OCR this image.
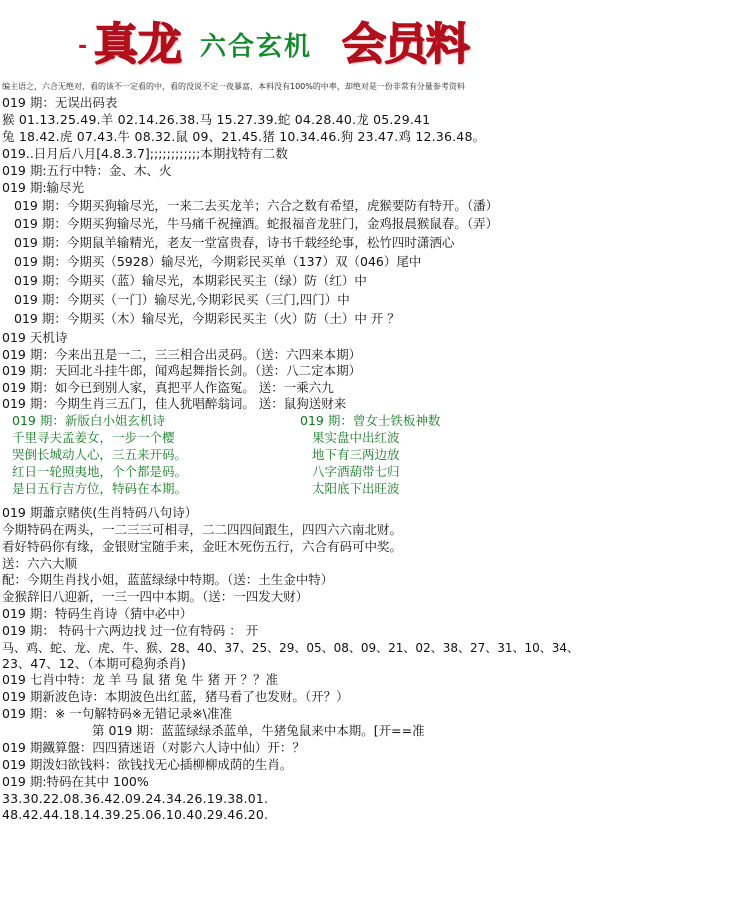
- 真龙 六合玄机 会员料
编主语之，六合无绝对，看的该不一定看的中，看的没说不定一夜暴富，本料没有100%的中率，却绝对是一份非常有分量参考资料
019 期：无误出码表
猴 01.13.25.49.羊 02.14.26.38.马 15.27.39.蛇 04.28.40.龙 05.29.41
兔 18.42.虎 07.43.牛 08.32.鼠 09、21.45.猪 10.34.46.狗 23.47.鸡 12.36.48。
019..日月后八月[4.8.3.7];;;;;;;;;;;;本期找特有二数
019 期:五行中特：金、木、火
019 期:输尽光
019 期：今期买狗输尽光，一来二去买龙羊；六合之数有希望，虎猴要防有特开。（潘）
019 期：今期买狗输尽光，牛马痛千祝撞酒。蛇报福音龙驻门，金鸡报晨猴鼠春。（弄）
019 期：今期鼠羊输精光，老友一堂富贵春，诗书千载经纶事，松竹四时潇洒心
019 期：今期买（5928）输尽光，今期彩民买单（137）双（046）尾中
019 期：今期买（蓝）输尽光，本期彩民买主（绿）防（红）中
019 期：今期买（一门）输尽光,今期彩民买（三门,四门）中
019 期：今期买（木）输尽光，今期彩民买主（火）防（土）中 开 ？
019 天机诗
019 期：今来出丑是一二，三三相合出灵码。（送：六四来本期）
019 期：天回北斗挂牛郎，闻鸡起舞指长剑。（送：八二定本期）
019 期：如今已到别人家，真把平人作盗冤。 送：一乘六九
019 期：今期生肖三五门，佳人犹唱醉翁词。 送：鼠狗送财来
019 期：新版白小姐玄机诗
千里寻夫孟姜女，一步一个樱
哭倒长城动人心，三五来开码。
红日一轮照夷地，个个都是码。
是日五行吉方位，特码在本期。
019 期：曾女士铁板神数
果实盘中出红波
地下有三两边放
八字酒葫带七归
太阳底下出旺波
019 期蕭京赌侠(生肖特码八句诗）
今期特码在两头，一二三三可相寻，二二四四间跟生，四四六六南北财。
看好特码你有缘，金银财宝随手来，金旺木死伤五行，六合有码可中奖。
送：六六大顺
配：今期生肖找小姐，蓝蓝绿绿中特期。（送：土生金中特）
金猴辞旧八迎新，一三一四中本期。（送：一四发大财）
019 期：特码生肖诗（猜中必中）
019 期： 特码十六两边找 过一位有特码 ： 开
马、鸡、蛇、龙、虎、牛、猴、28、40、37、25、29、05、08、09、21、02、38、27、31、10、34、
23、47、12、（本期可稳狗杀肖)
019 七肖中特：龙 羊 马 鼠 猪 兔 牛 猪 开 ？？准
019 期新波色诗：本期波色出红蓝，猪马看了也发财。（开？）
019 期：※ 一句解特码※无错记录※\准准
第 019 期：蓝蓝绿绿杀蓝单，牛猪兔鼠来中本期。[开==准
019 期鐵算盤：四四猜迷语（对影六人诗中仙）开：？
019 期泼妇欲钱料：欲钱找无心插柳柳成荫的生肖。
019 期:特码在其中 100%
33.30.22.08.36.42.09.24.34.26.19.38.01.
48.42.44.18.14.39.25.06.10.40.29.46.20.
